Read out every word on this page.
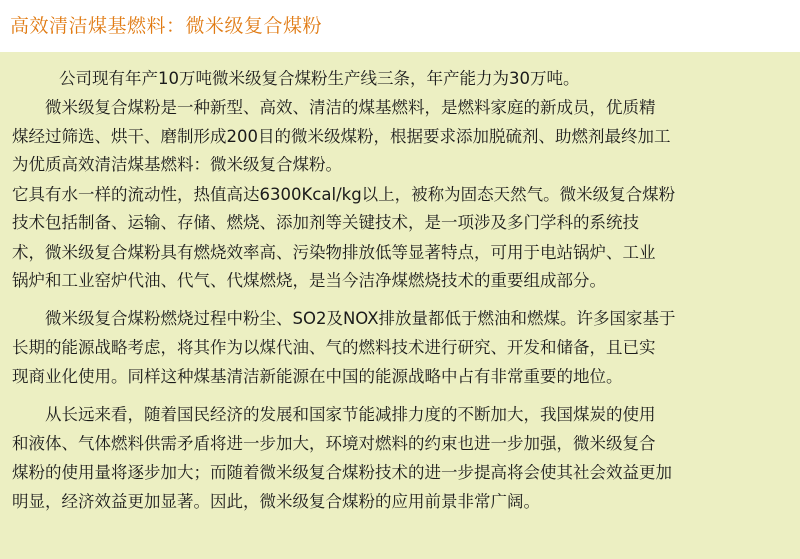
高效清洁煤基燃料：微米级复合煤粉
公司现有年产10万吨微米级复合煤粉生产线三条，年产能力为30万吨。
微米级复合煤粉是一种新型、高效、清洁的煤基燃料，是燃料家庭的新成员，优质精
煤经过筛选、烘干、磨制形成200目的微米级煤粉，根据要求添加脱硫剂、助燃剂最终加工
为优质高效清洁煤基燃料：微米级复合煤粉。
它具有水一样的流动性，热值高达6300Kcal/kg以上，被称为固态天然气。微米级复合煤粉
技术包括制备、运输、存储、燃烧、添加剂等关键技术，是一项涉及多门学科的系统技
术，微米级复合煤粉具有燃烧效率高、污染物排放低等显著特点，可用于电站锅炉、工业
锅炉和工业窑炉代油、代气、代煤燃烧，是当今洁净煤燃烧技术的重要组成部分。
微米级复合煤粉燃烧过程中粉尘、SO2及NOX排放量都低于燃油和燃煤。许多国家基于
长期的能源战略考虑，将其作为以煤代油、气的燃料技术进行研究、开发和储备，且已实
现商业化使用。同样这种煤基清洁新能源在中国的能源战略中占有非常重要的地位。
从长远来看，随着国民经济的发展和国家节能减排力度的不断加大，我国煤炭的使用
和液体、气体燃料供需矛盾将进一步加大，环境对燃料的约束也进一步加强，微米级复合
煤粉的使用量将逐步加大；而随着微米级复合煤粉技术的进一步提高将会使其社会效益更加
明显，经济效益更加显著。因此，微米级复合煤粉的应用前景非常广阔。
